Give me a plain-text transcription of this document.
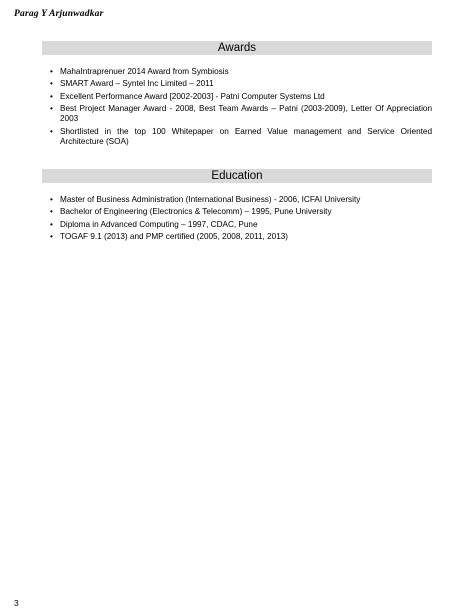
Parag Y Arjunwadkar
Awards
• MahaIntraprenuer 2014 Award from Symbiosis
• SMART Award – Syntel Inc Limited – 2011
• Excellent Performance Award [2002-2003] - Patni Computer Systems Ltd
• Best Project Manager Award - 2008, Best Team Awards – Patni (2003-2009), Letter Of Appreciation 2003
• Shortlisted in the top 100 Whitepaper on Earned Value management and Service Oriented Architecture (SOA)
Education
• Master of Business Administration (International Business) - 2006, ICFAI University
• Bachelor of Engineering (Electronics & Telecomm) – 1995, Pune University
• Diploma in Advanced Computing – 1997, CDAC, Pune
• TOGAF 9.1 (2013) and PMP certified (2005, 2008, 2011, 2013)
3
